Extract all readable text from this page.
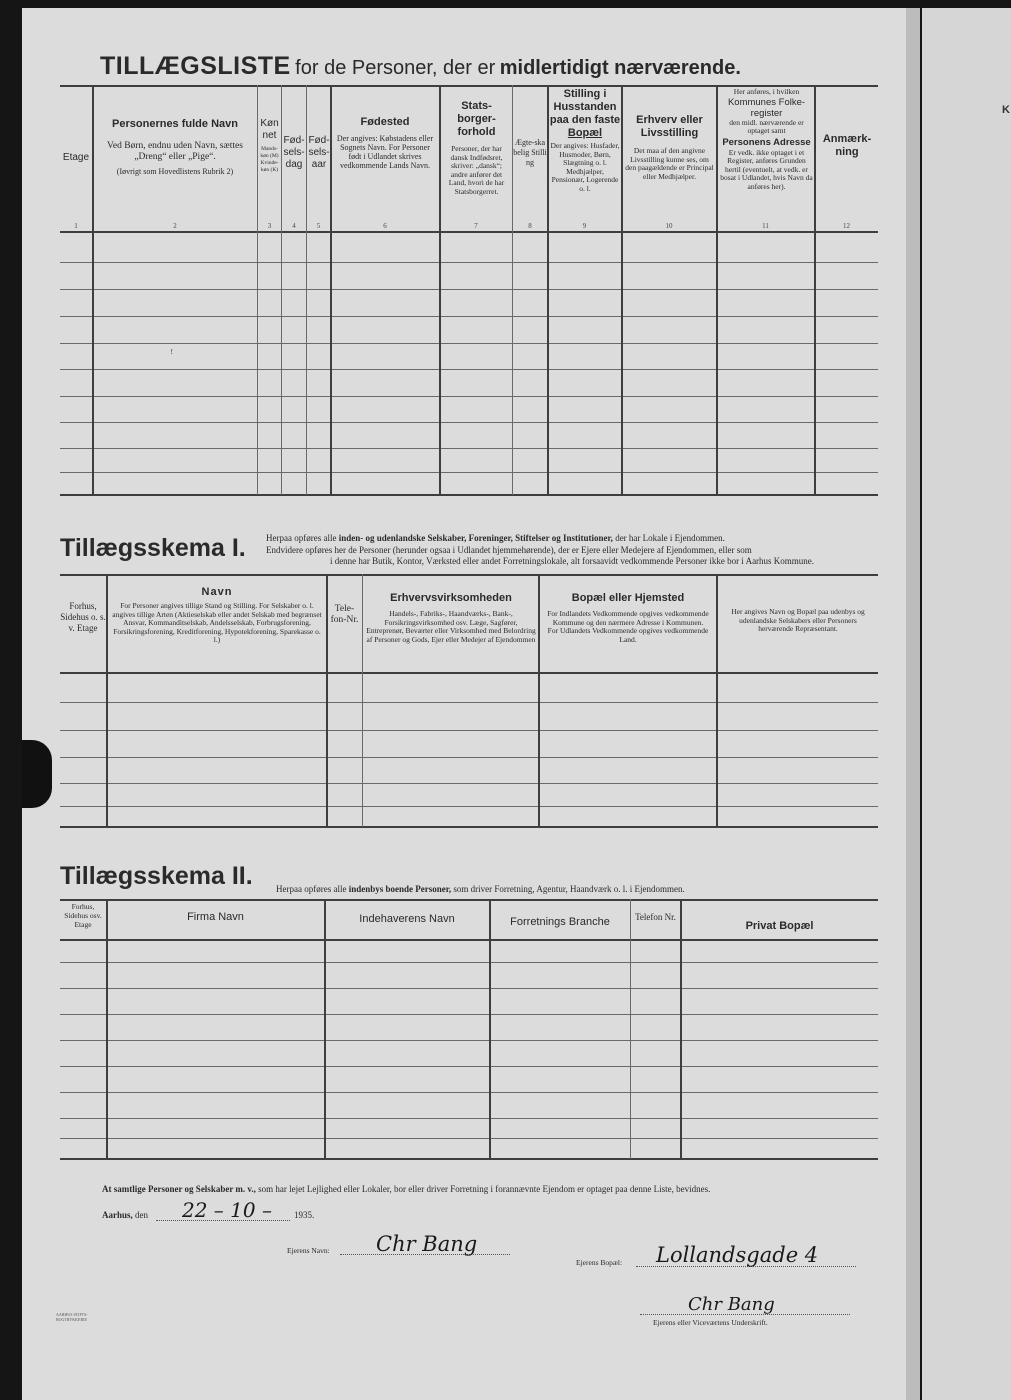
K
TILLÆGSLISTE for de Personer, der er midlertidigt nærværende.
Etage
Personernes fulde Navn
Ved Børn, endnu uden Navn, sættes „Dreng“ eller „Pige“.
(Iøvrigt som Hovedlistens Rubrik 2)
Kønnet
Mands-køn (M) Kvinde-køn (K)
Fød-sels-dag
Fød-sels-aar
Fødested
Der angives: Købstadens eller Sognets Navn. For Personer født i Udlandet skrives vedkommende Lands Navn.
Stats-borger-forhold
Personer, der har dansk Indfødsret, skriver: „dansk“; andre anfører det Land, hvori de har Statsborgerret.
Ægte-skabelig Stilling
Stilling i Husstanden paa den faste
Bopæl
Der angives: Husfader, Husmoder, Børn, Slægtning o. l. Medhjælper, Pensionær, Logerende o. l.
Erhverv eller Livsstilling
Det maa af den angivne Livsstilling kunne ses, om den paagældende er Principal eller Medhjælper.
Her anføres, i hvilken
Kommunes Folke-register
den midl. nærværende er optaget samt
Personens Adresse
Er vedk. ikke optaget i et Register, anføres Grunden hertil (eventuelt, at vedk. er bosat i Udlandet, hvis Navn da anføres her).
Anmærk-ning
1	2	3	4	5	6	7	8	9	10	11	12
ꜝ
Tillægsskema I. Herpaa opføres alle inden- og udenlandske Selskaber, Foreninger, Stiftelser og Institutioner, der har Lokale i Ejendommen.
Endvidere opføres her de Personer (herunder ogsaa i Udlandet hjemmehørende), der er Ejere eller Medejere af Ejendommen, eller som
i denne har Butik, Kontor, Værksted eller andet Forretningslokale, alt forsaavidt vedkommende Personer ikke bor i Aarhus Kommune.
Forhus, Sidehus o. s. v. Etage
Navn
For Personer angives tillige Stand og Stilling. For Selskaber o. l. angives tillige Arten (Aktieselskab eller andet Selskab med begrænset Ansvar, Kommanditselskab, Andelsselskab, Forbrugsforening, Forsikringsforening, Kreditforening, Hypotekforening, Sparekasse o. l.)
Tele-fon-Nr.
Erhvervsvirksomheden
Handels-, Fabriks-, Haandværks-, Bank-, Forsikringsvirksomhed osv. Læge, Sagfører, Entreprenør, Beværter eller Virksomhed med Belordring af Personer og Gods, Ejer eller Medejer af Ejendommen
Bopæl eller Hjemsted
For Indlandets Vedkommende opgives vedkommende Kommune og den nærmere Adresse i Kommunen.
For Udlandets Vedkommende opgives vedkommende Land.
Her angives Navn og Bopæl paa udenbys og udenlandske Selskabers eller Personers herværende Repræsentant.
Tillægsskema II.	Herpaa opføres alle indenbys boende Personer, som driver Forretning, Agentur, Haandværk o. l. i Ejendommen.
Forhus, Sidehus osv. Etage
Firma Navn	Indehaverens Navn	Forretnings Branche	Telefon Nr.
Privat Bopæl
At samtlige Personer og Selskaber m. v., som har lejet Lejlighed eller Lokaler, bor eller driver Forretning i forannævnte Ejendom er optaget paa denne Liste, bevidnes.
Aarhus, den 22 – 10 – 1935.
Ejerens Navn: Chr Bang
Ejerens Bopæl: Lollandsgade 4
Chr Bang
Ejerens eller Viceværtens Underskrift.
AARHUS STIFTS-BOGTRYKKERIE
